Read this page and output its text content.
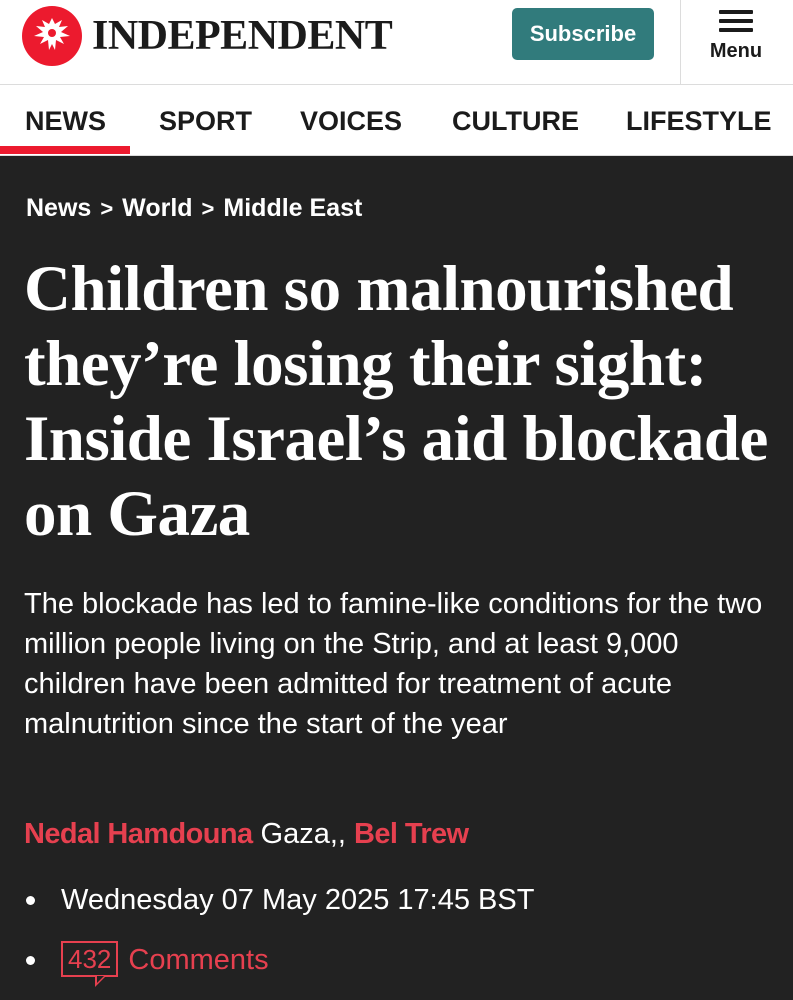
INDEPENDENT	Subscribe
Menu
NEWS SPORT VOICES CULTURE LIFESTYLE
News > World > Middle East
Children so malnourished they’re losing their sight: Inside Israel’s aid blockade on Gaza

The blockade has led to famine-like conditions for the two million people living on the Strip, and at least 9,000 children have been admitted for treatment of acute malnutrition since the start of the year

Nedal Hamdouna Gaza,, Bel Trew
Wednesday 07 May 2025 17:45 BST
432 Comments
